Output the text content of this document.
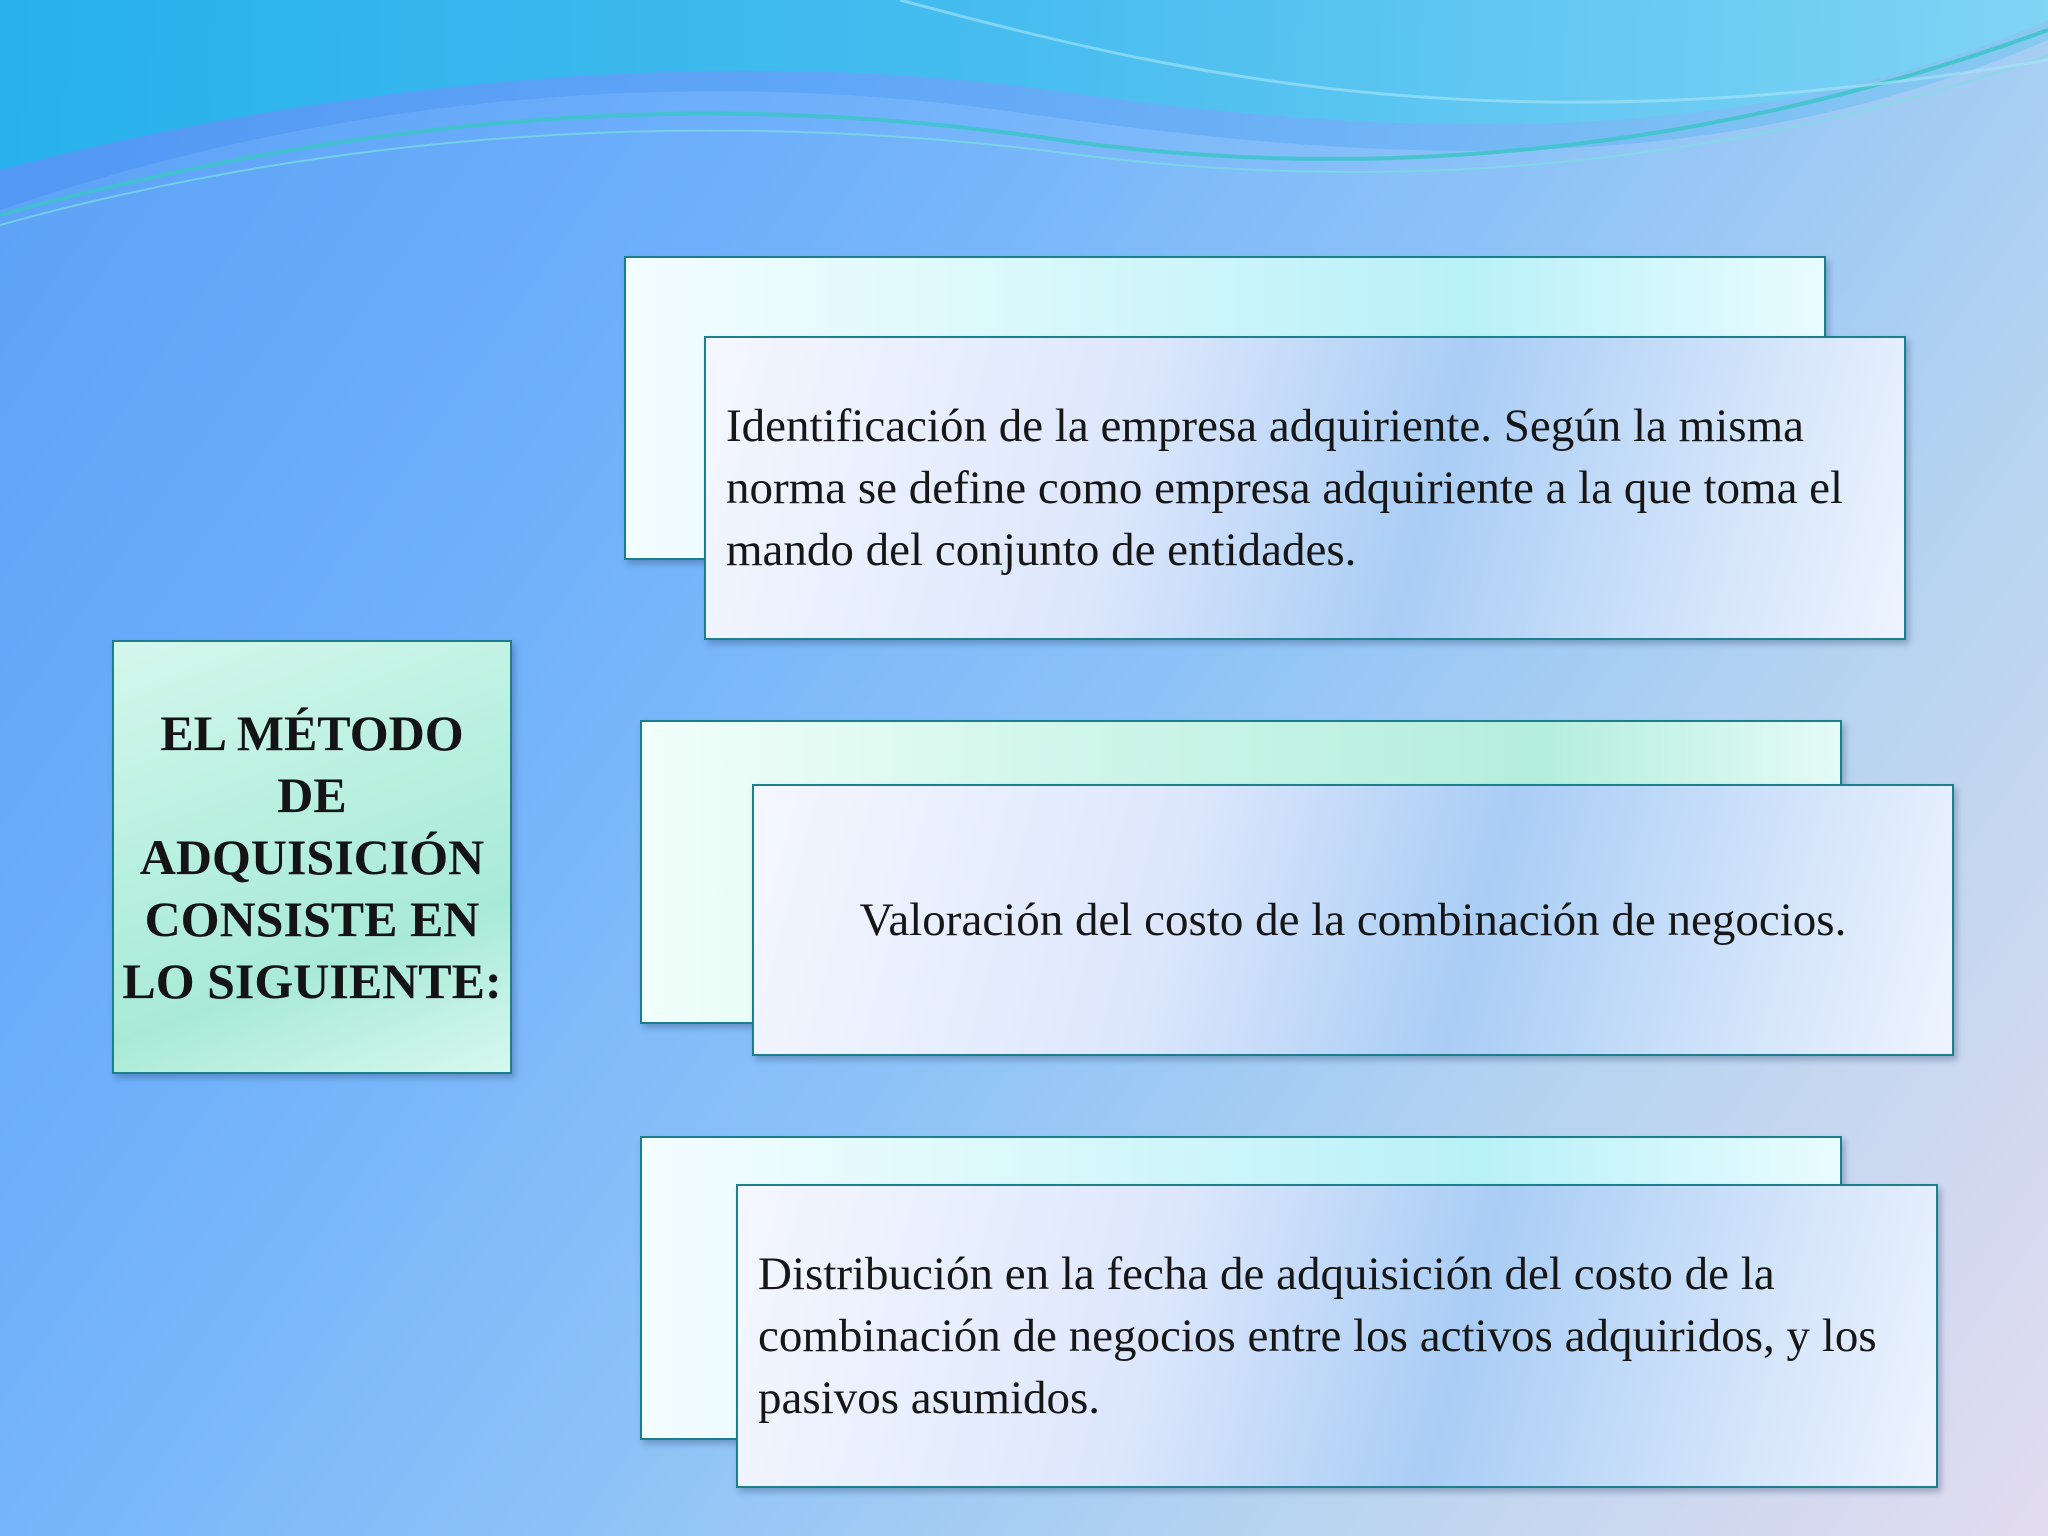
EL MÉTODO DE ADQUISICIÓN CONSISTE EN LO SIGUIENTE:
Identificación de la empresa adquiriente. Según la misma norma se define como empresa adquiriente a la que toma el mando del conjunto de entidades.
Valoración del costo de la combinación de negocios.
Distribución en la fecha de adquisición del costo de la combinación de negocios entre los activos adquiridos, y los pasivos asumidos.
